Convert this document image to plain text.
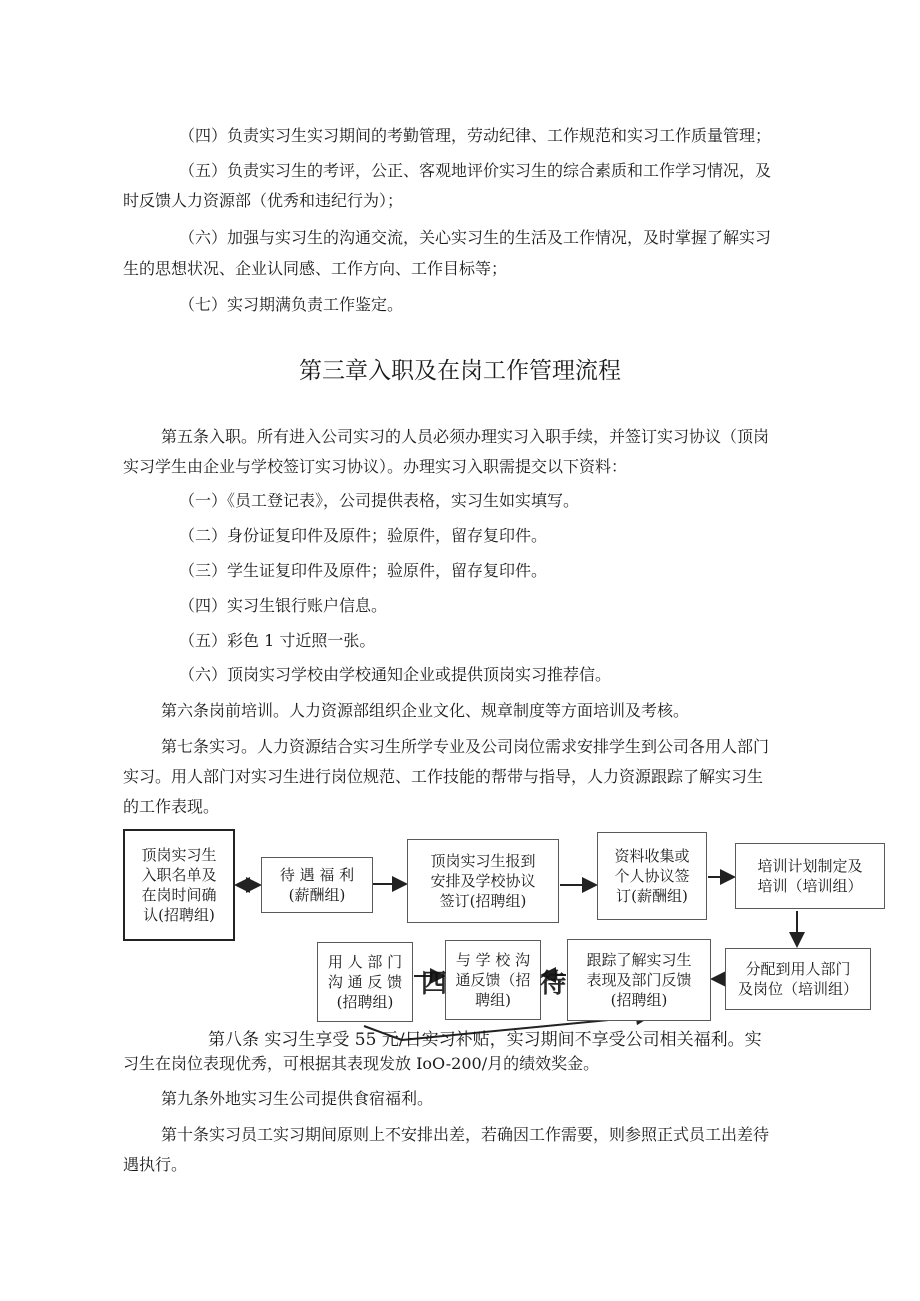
（四）负责实习生实习期间的考勤管理，劳动纪律、工作规范和实习工作质量管理；
（五）负责实习生的考评，公正、客观地评价实习生的综合素质和工作学习情况，及
时反馈人力资源部（优秀和违纪行为）；
（六）加强与实习生的沟通交流，关心实习生的生活及工作情况，及时掌握了解实习
生的思想状况、企业认同感、工作方向、工作目标等；
（七）实习期满负责工作鉴定。
第三章入职及在岗工作管理流程
第五条入职。所有进入公司实习的人员必须办理实习入职手续，并签订实习协议（顶岗
实习学生由企业与学校签订实习协议）。办理实习入职需提交以下资料：
（一）《员工登记表》，公司提供表格，实习生如实填写。
（二）身份证复印件及原件；验原件，留存复印件。
（三）学生证复印件及原件；验原件，留存复印件。
（四）实习生银行账户信息。
（五）彩色 1 寸近照一张。
（六）顶岗实习学校由学校通知企业或提供顶岗实习推荐信。
第六条岗前培训。人力资源部组织企业文化、规章制度等方面培训及考核。
第七条实习。人力资源结合实习生所学专业及公司岗位需求安排学生到公司各用人部门
实习。用人部门对实习生进行岗位规范、工作技能的帮带与指导，人力资源跟踪了解实习生
的工作表现。
顶岗实习生
入职名单及
在岗时间确
认(招聘组)
待 遇 福 利
(薪酬组)
顶岗实习生报到
安排及学校协议
签订(招聘组)
资料收集或
个人协议签
订(薪酬组)
培训计划制定及
培训（培训组）
分配到用人部门
及岗位（培训组）
跟踪了解实习生
表现及部门反馈
(招聘组)
与 学 校 沟
通反馈（招
聘组)
用 人 部 门
沟 通 反 馈
(招聘组)
四	待
第八条 实习生享受 55 元/日实习补贴，实习期间不享受公司相关福利。实
习生在岗位表现优秀，可根据其表现发放 IoO-200/月的绩效奖金。
第九条外地实习生公司提供食宿福利。
第十条实习员工实习期间原则上不安排出差，若确因工作需要，则参照正式员工出差待
遇执行。
